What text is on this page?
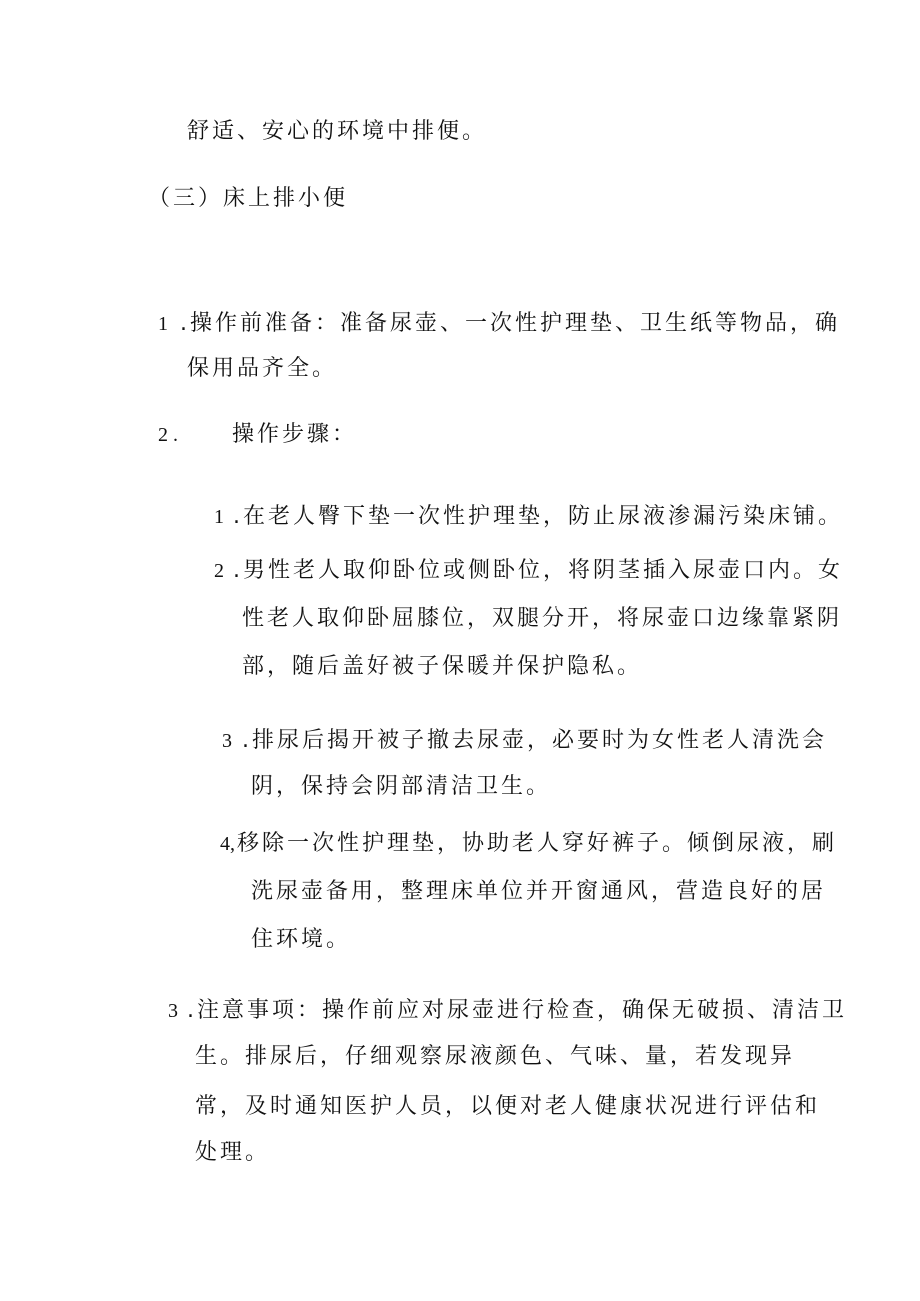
舒适、安心的环境中排便。
（三）床上排小便
1 .操作前准备：准备尿壶、一次性护理垫、卫生纸等物品，确
保用品齐全。
2 . 操作步骤：
1 .在老人臀下垫一次性护理垫，防止尿液渗漏污染床铺。
2 .男性老人取仰卧位或侧卧位，将阴茎插入尿壶口内。女
性老人取仰卧屈膝位，双腿分开，将尿壶口边缘靠紧阴
部，随后盖好被子保暖并保护隐私。
3 .排尿后揭开被子撤去尿壶，必要时为女性老人清洗会
阴，保持会阴部清洁卫生。
4, 移除一次性护理垫，协助老人穿好裤子。倾倒尿液，刷
洗尿壶备用，整理床单位并开窗通风，营造良好的居
住环境。
3 .注意事项：操作前应对尿壶进行检查，确保无破损、清洁卫
生。排尿后，仔细观察尿液颜色、气味、量，若发现异
常，及时通知医护人员，以便对老人健康状况进行评估和
处理。
